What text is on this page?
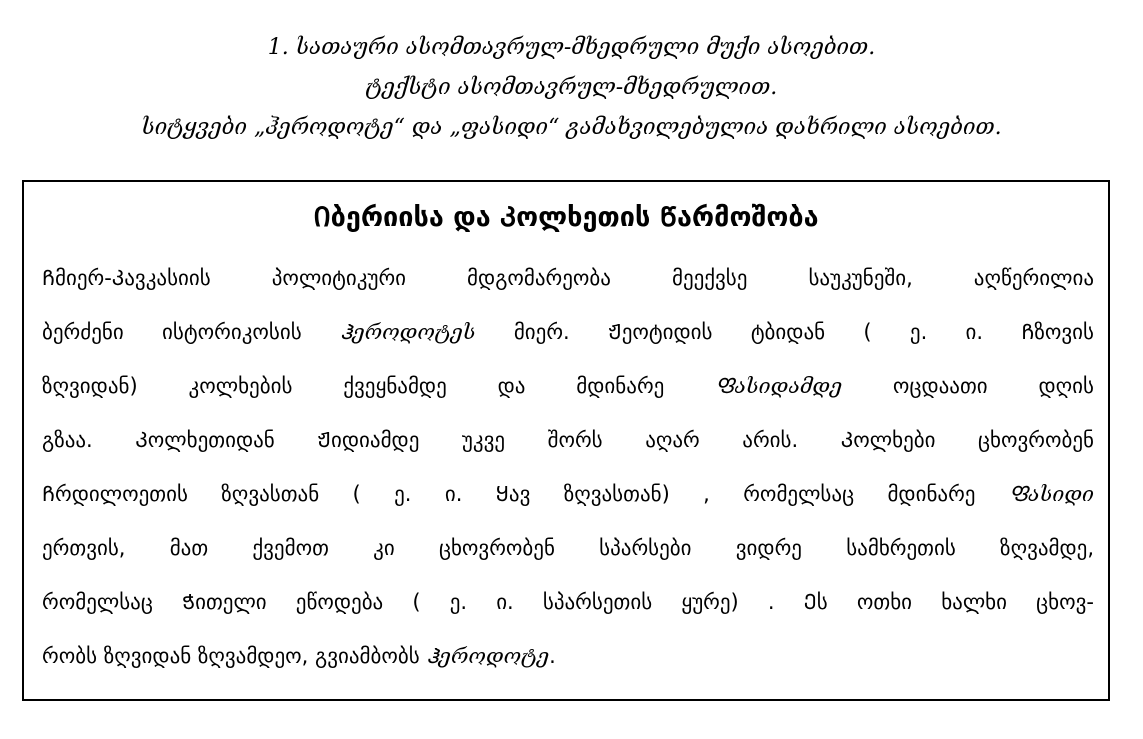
1. სათაური ასომთავრულ-მხედრული მუქი ასოებით.

ტექსტი ასომთავრულ-მხედრულით.

სიტყვები „ჰეროდოტე“ და „ფასიდი“ გამახვილებულია დახრილი ასოებით.

Იბერიისა და Კოლხეთის Წარმოშობა

Ჩმიერ-Კავკასიის პოლიტიკური მდგომარეობა მეექვსე საუკუნეში, აღწერილია

ბერძენი ისტორიკოსის Ჰეროდოტეს მიერ. Ჟეოტიდის ტბიდან ( ე. ი. Ჩზოვის

ზღვიდან) კოლხების ქვეყნამდე და მდინარე Ფასიდამდე ოცდაათი დღის

გზაა. Კოლხეთიდან Ჟიდიამდე უკვე შორს აღარ არის. Კოლხები ცხოვრობენ

Ჩრდილოეთის ზღვასთან ( ე. ი. Ყავ ზღვასთან) , რომელსაც მდინარე Ფასიდი

ერთვის, მათ ქვემოთ კი ცხოვრობენ სპარსები ვიდრე სამხრეთის ზღვამდე,

რომელსაც Ჭითელი ეწოდება ( ე. ი. სპარსეთის ყურე) . Ეს ოთხი ხალხი ცხოვ-

რობს ზღვიდან ზღვამდეო, გვიამბობს Ჰეროდოტე.
